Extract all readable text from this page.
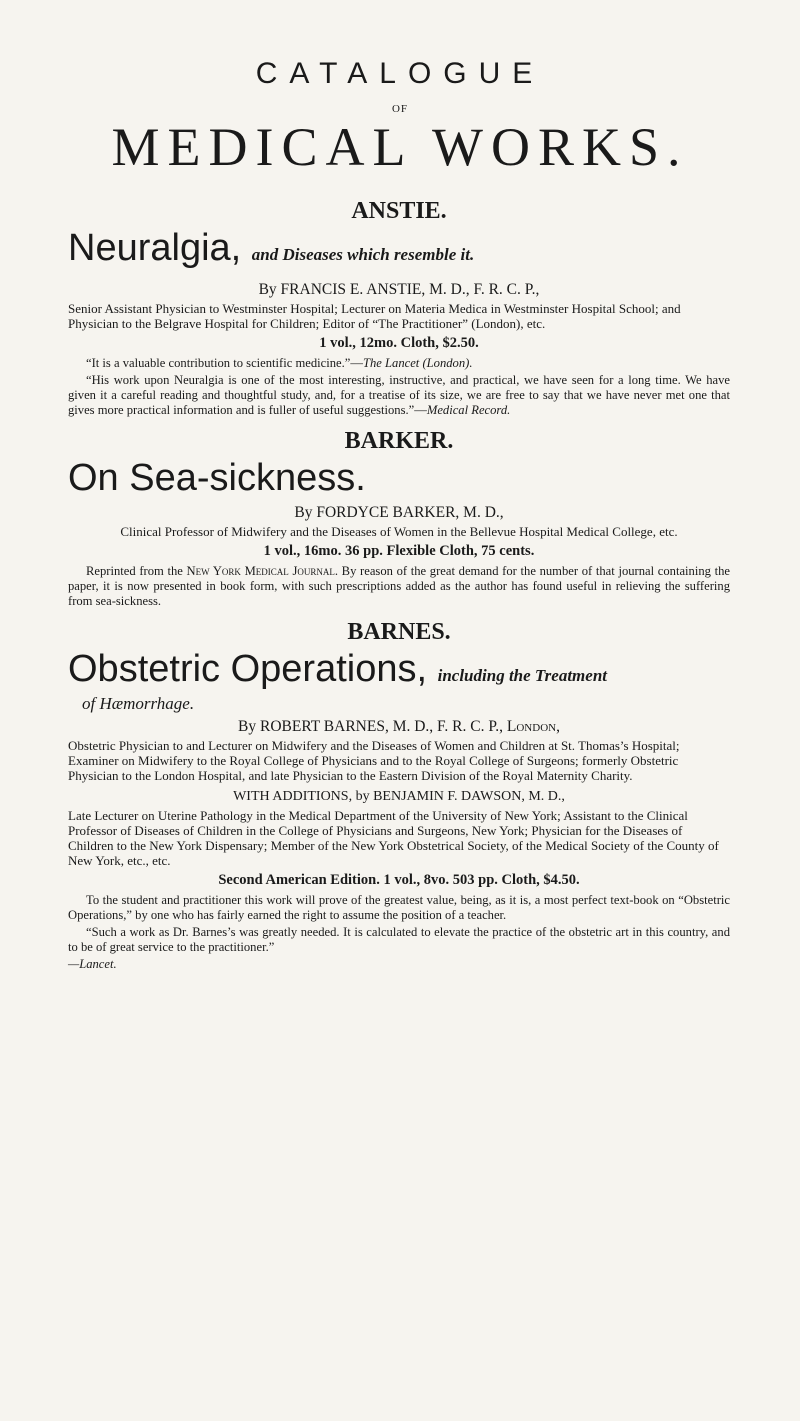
CATALOGUE
OF
MEDICAL WORKS.

ANSTIE.

Neuralgia, and Diseases which resemble it.

By FRANCIS E. ANSTIE, M. D., F. R. C. P.,

Senior Assistant Physician to Westminster Hospital; Lecturer on Materia Medica in Westminster Hospital School; and Physician to the Belgrave Hospital for Children; Editor of “The Practitioner” (London), etc.

1 vol., 12mo. Cloth, $2.50.

“It is a valuable contribution to scientific medicine.”—The Lancet (London).

“His work upon Neuralgia is one of the most interesting, instructive, and practical, we have seen for a long time. We have given it a careful reading and thoughtful study, and, for a treatise of its size, we are free to say that we have never met one that gives more practical information and is fuller of useful suggestions.”—Medical Record.

BARKER.

On Sea-sickness.

By FORDYCE BARKER, M. D.,

Clinical Professor of Midwifery and the Diseases of Women in the Bellevue Hospital Medical College, etc.

1 vol., 16mo. 36 pp. Flexible Cloth, 75 cents.

Reprinted from the New York Medical Journal. By reason of the great demand for the number of that journal containing the paper, it is now presented in book form, with such prescriptions added as the author has found useful in relieving the suffering from sea-sickness.

BARNES.

Obstetric Operations, including the Treatment

of Hæmorrhage.

By ROBERT BARNES, M. D., F. R. C. P., London,

Obstetric Physician to and Lecturer on Midwifery and the Diseases of Women and Children at St. Thomas’s Hospital; Examiner on Midwifery to the Royal College of Physicians and to the Royal College of Surgeons; formerly Obstetric Physician to the London Hospital, and late Physician to the Eastern Division of the Royal Maternity Charity.

WITH ADDITIONS, by BENJAMIN F. DAWSON, M. D.,

Late Lecturer on Uterine Pathology in the Medical Department of the University of New York; Assistant to the Clinical Professor of Diseases of Children in the College of Physicians and Surgeons, New York; Physician for the Diseases of Children to the New York Dispensary; Member of the New York Obstetrical Society, of the Medical Society of the County of New York, etc., etc.

Second American Edition. 1 vol., 8vo. 503 pp. Cloth, $4.50.

To the student and practitioner this work will prove of the greatest value, being, as it is, a most perfect text-book on “Obstetric Operations,” by one who has fairly earned the right to assume the position of a teacher.

“Such a work as Dr. Barnes’s was greatly needed. It is calculated to elevate the practice of the obstetric art in this country, and to be of great service to the practitioner.”

—Lancet.
